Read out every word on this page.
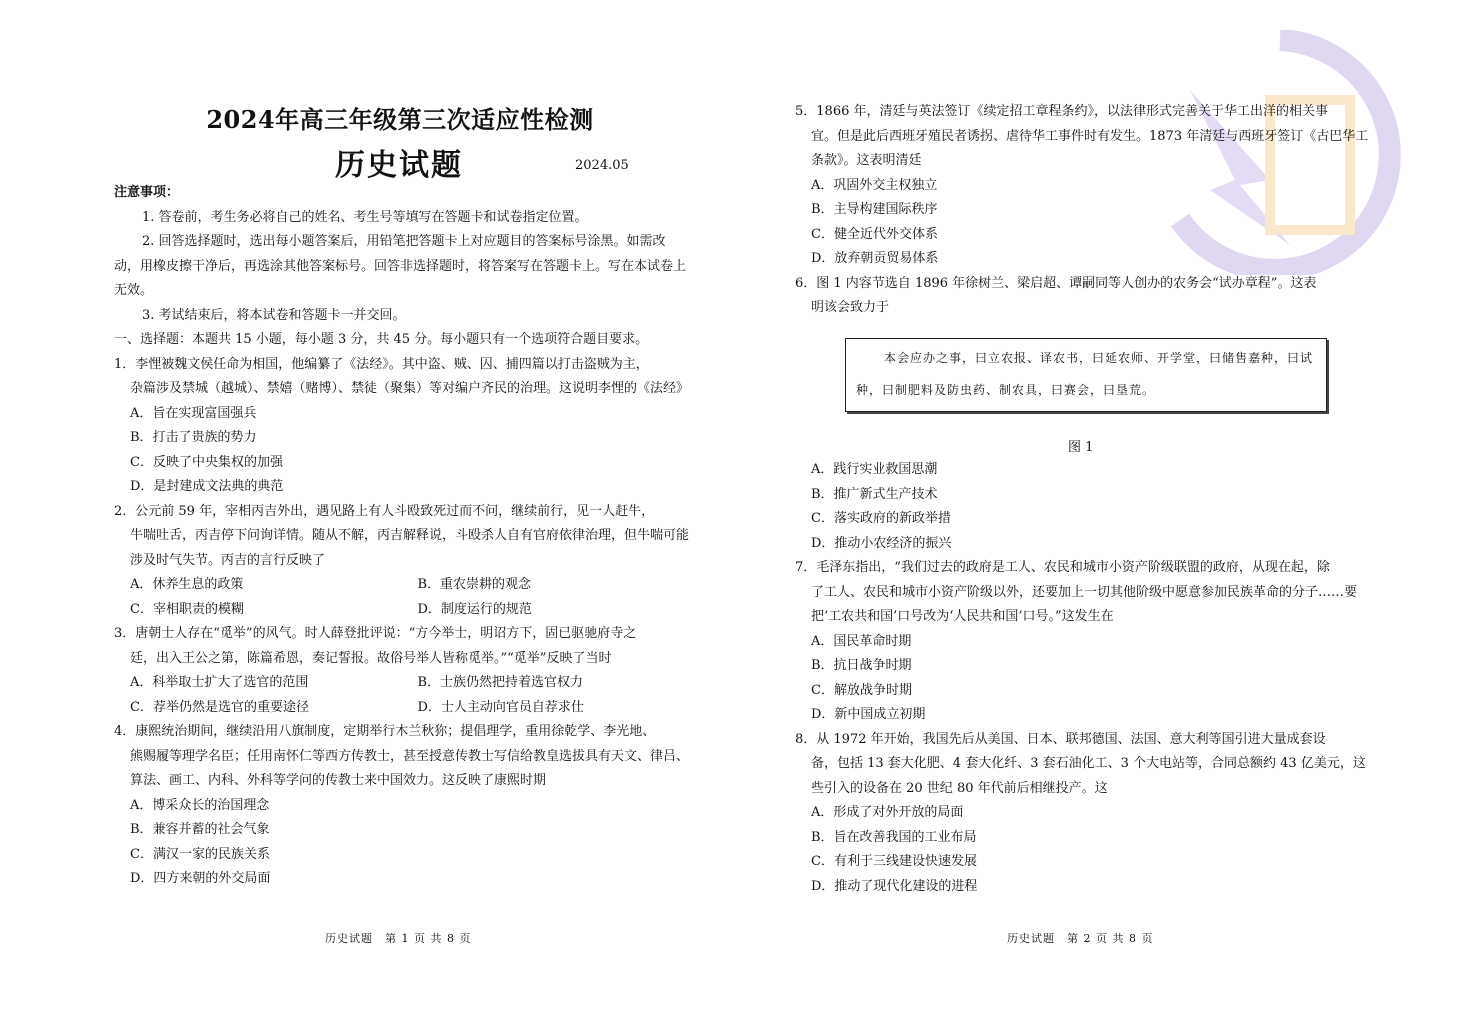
2024年高三年级第三次适应性检测
历史试题	2024.05

注意事项：

1. 答卷前，考生务必将自己的姓名、考生号等填写在答题卡和试卷指定位置。

2. 回答选择题时，选出每小题答案后，用铅笔把答题卡上对应题目的答案标号涂黑。如需改动，用橡皮擦干净后，再选涂其他答案标号。回答非选择题时，将答案写在答题卡上。写在本试卷上无效。

3. 考试结束后，将本试卷和答题卡一并交回。

一、选择题：本题共 15 小题，每小题 3 分，共 45 分。每小题只有一个选项符合题目要求。

1．李悝被魏文侯任命为相国，他编纂了《法经》。其中盗、贼、囚、捕四篇以打击盗贼为主，

杂篇涉及禁城（越城）、禁嬉（赌博）、禁徒（聚集）等对编户齐民的治理。这说明李悝的《法经》

A．旨在实现富国强兵

B．打击了贵族的势力

C．反映了中央集权的加强

D．是封建成文法典的典范

2．公元前 59 年，宰相丙吉外出，遇见路上有人斗殴致死过而不问，继续前行，见一人赶牛，

牛喘吐舌，丙吉停下问询详情。随从不解，丙吉解释说，斗殴杀人自有官府依律治理，但牛喘可能涉及时气失节。丙吉的言行反映了

A．休养生息的政策	B．重农崇耕的观念
C．宰相职责的模糊	D．制度运行的规范

3．唐朝士人存在“觅举”的风气。时人薛登批评说：“方今举士，明诏方下，固已驱驰府寺之

廷，出入王公之第，陈篇希恩，奏记誓报。故俗号举人皆称觅举。”“觅举”反映了当时

A．科举取士扩大了选官的范围	B．士族仍然把持着选官权力
C．荐举仍然是选官的重要途径	D．士人主动向官员自荐求仕

4．康熙统治期间，继续沿用八旗制度，定期举行木兰秋狝；提倡理学，重用徐乾学、李光地、

熊赐履等理学名臣；任用南怀仁等西方传教士，甚至授意传教士写信给教皇选拔具有天文、律吕、算法、画工、内科、外科等学问的传教士来中国效力。这反映了康熙时期

A．博采众长的治国理念

B．兼容并蓄的社会气象

C．满汉一家的民族关系

D．四方来朝的外交局面

历史试题　第 1 页 共 8 页

5．1866 年，清廷与英法签订《续定招工章程条约》，以法律形式完善关于华工出洋的相关事

宜。但是此后西班牙殖民者诱拐、虐待华工事件时有发生。1873 年清廷与西班牙签订《古巴华工条款》。这表明清廷

A．巩固外交主权独立

B．主导构建国际秩序

C．健全近代外交体系

D．放弃朝贡贸易体系

6．图 1 内容节选自 1896 年徐树兰、梁启超、谭嗣同等人创办的农务会“试办章程”。这表

明该会致力于

本会应办之事，曰立农报、译农书，曰延农师、开学堂，曰储售嘉种，曰试种，曰制肥料及防虫药、制农具，曰赛会，曰垦荒。
图 1

A．践行实业救国思潮

B．推广新式生产技术

C．落实政府的新政举措

D．推动小农经济的振兴

7．毛泽东指出，“我们过去的政府是工人、农民和城市小资产阶级联盟的政府，从现在起，除

了工人、农民和城市小资产阶级以外，还要加上一切其他阶级中愿意参加民族革命的分子……要把‘工农共和国’口号改为‘人民共和国’口号。”这发生在

A．国民革命时期

B．抗日战争时期

C．解放战争时期

D．新中国成立初期

8．从 1972 年开始，我国先后从美国、日本、联邦德国、法国、意大利等国引进大量成套设

备，包括 13 套大化肥、4 套大化纤、3 套石油化工、3 个大电站等，合同总额约 43 亿美元，这些引入的设备在 20 世纪 80 年代前后相继投产。这

A．形成了对外开放的局面

B．旨在改善我国的工业布局

C．有利于三线建设快速发展

D．推动了现代化建设的进程

历史试题　第 2 页 共 8 页
